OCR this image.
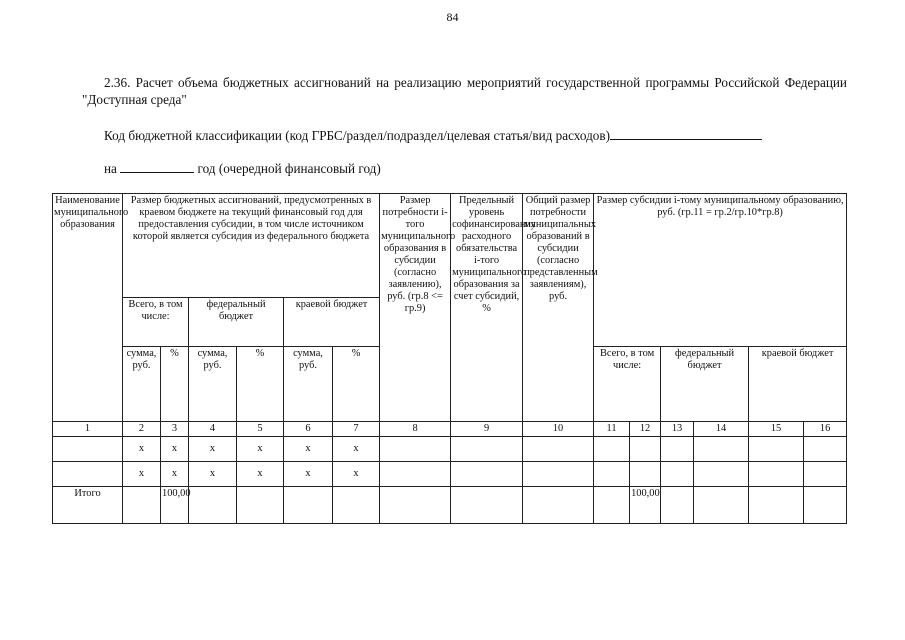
84
2.36. Расчет объема бюджетных ассигнований на реализацию мероприятий государственной программы Российской Федерации "Доступная среда"
Код бюджетной классификации (код ГРБС/раздел/подраздел/целевая статья/вид расходов)
на	год (очередной финансовый год)
Наименование муниципального образования	Размер бюджетных ассигнований, предусмотренных в краевом бюджете на текущий финансовый год для предоставления субсидии, в том числе источником которой является субсидия из федерального бюджета						Размер потребности i-того муниципального образования в субсидии (согласно заявлению), руб. (гр.8 <= гр.9)	Предельный уровень софинансирования расходного обязательства i-того муниципального образования за счет субсидий, %	Общий размер потребности муниципальных образований в субсидии (согласно представленным заявлениям), руб.	Размер субсидии i-тому муниципальному образованию, руб. (гр.11 = гр.2/гр.10*гр.8)					
	Всего, в том числе:		федеральный бюджет		краевой бюджет										
	сумма, руб.	%	сумма, руб.	%	сумма, руб.	%				Всего, в том числе:		федеральный бюджет		краевой бюджет	
1	2	3	4	5	6	7	8	9	10	11	12	13	14	15	16
	х	х	х	х	х	х									
	х	х	х	х	х	х									
Итого		100,00									100,00				
